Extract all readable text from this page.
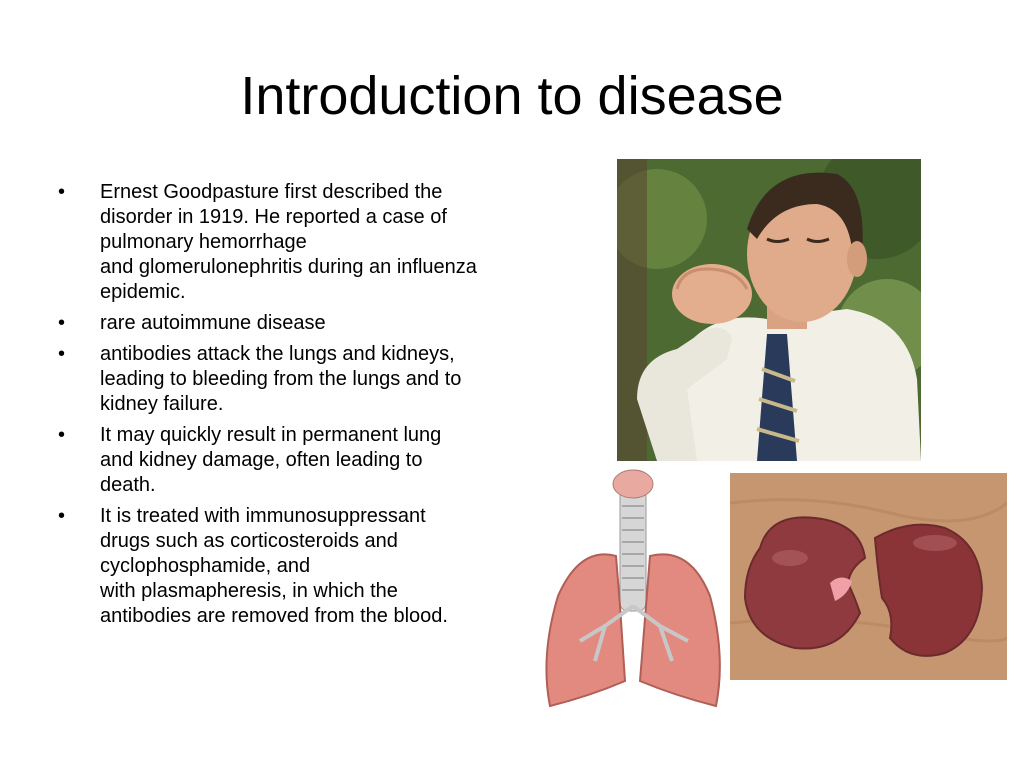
Introduction to disease
• Ernest Goodpasture first described the
disorder in 1919. He reported a case of
pulmonary hemorrhage
and glomerulonephritis during an influenza
epidemic.
• rare autoimmune disease
• antibodies attack the lungs and kidneys,
leading to bleeding from the lungs and to
kidney failure.
• It may quickly result in permanent lung
and kidney damage, often leading to
death.
• It is treated with immunosuppressant
drugs such as corticosteroids and
cyclophosphamide, and
with plasmapheresis, in which the
antibodies are removed from the blood.
